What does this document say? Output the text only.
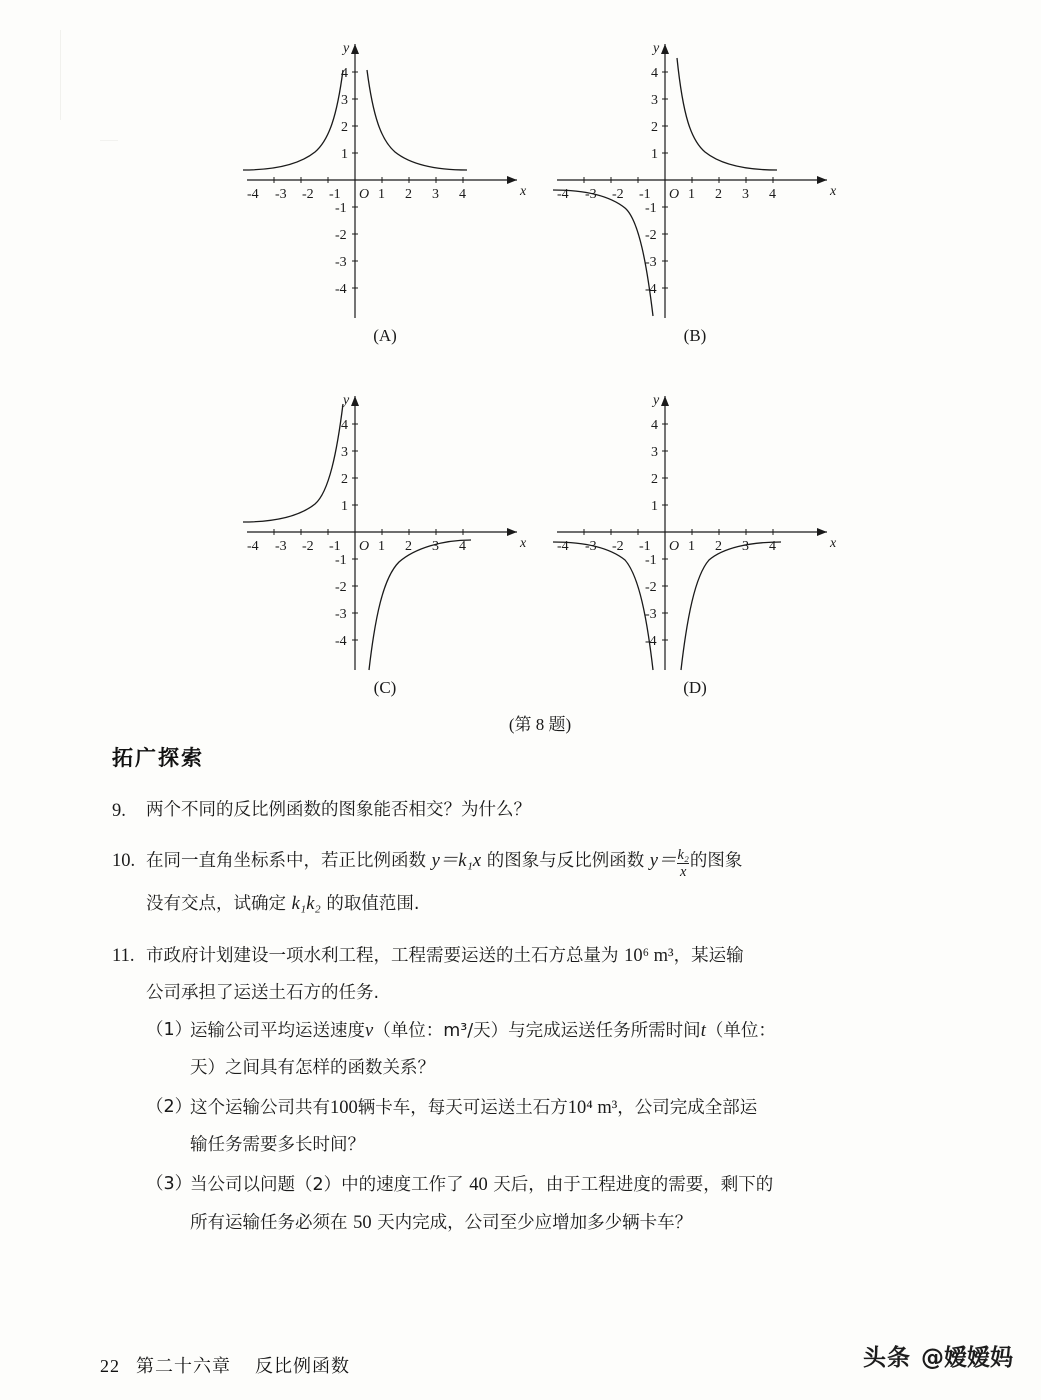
-4 -3 -2 -1 O 1 2 3 4	x
y
1
2
3
4
-1
-2
-3
-4
(A)
-4 -3 -2 -1 O 1 2 3 4	x
y
1
2
3
4
-1
-2
-3
-4
(B)
-4 -3 -2 -1 O 1 2 3 4	x
y
1
2
3
4
-1
-2
-3
-4
(C)
-4 -3 -2 -1 O 1 2 3 4	x
y
1
2
3
4
-1
-2
-3
-4
(D)
(第 8 题)
拓广探索
9.	两个不同的反比例函数的图象能否相交？为什么？

10. 在同一直角坐标系中，若正比例函数 y＝k₁x 的图象与反比例函数 $y= \frac{\text{k₂}}{x}$ 的图象

没有交点，试确定 k₁k₂ 的取值范围.

11. 市政府计划建设一项水利工程，工程需要运送的土石方总量为 10⁶ m³，某运输

公司承担了运送土石方的任务.

（1）

运输公司平均运送速度v（单位：m³/天）与完成运送任务所需时间t（单位：

天）之间具有怎样的函数关系？

（2）

这个运输公司共有100辆卡车，每天可运送土石方10⁴ m³，公司完成全部运

输任务需要多长时间？

（3）

当公司以问题（2）中的速度工作了 40 天后，由于工程进度的需要，剩下的

所有运输任务必须在 50 天内完成，公司至少应增加多少辆卡车？

22 第二十六章 反比例函数	头条 @嫒嫒妈
